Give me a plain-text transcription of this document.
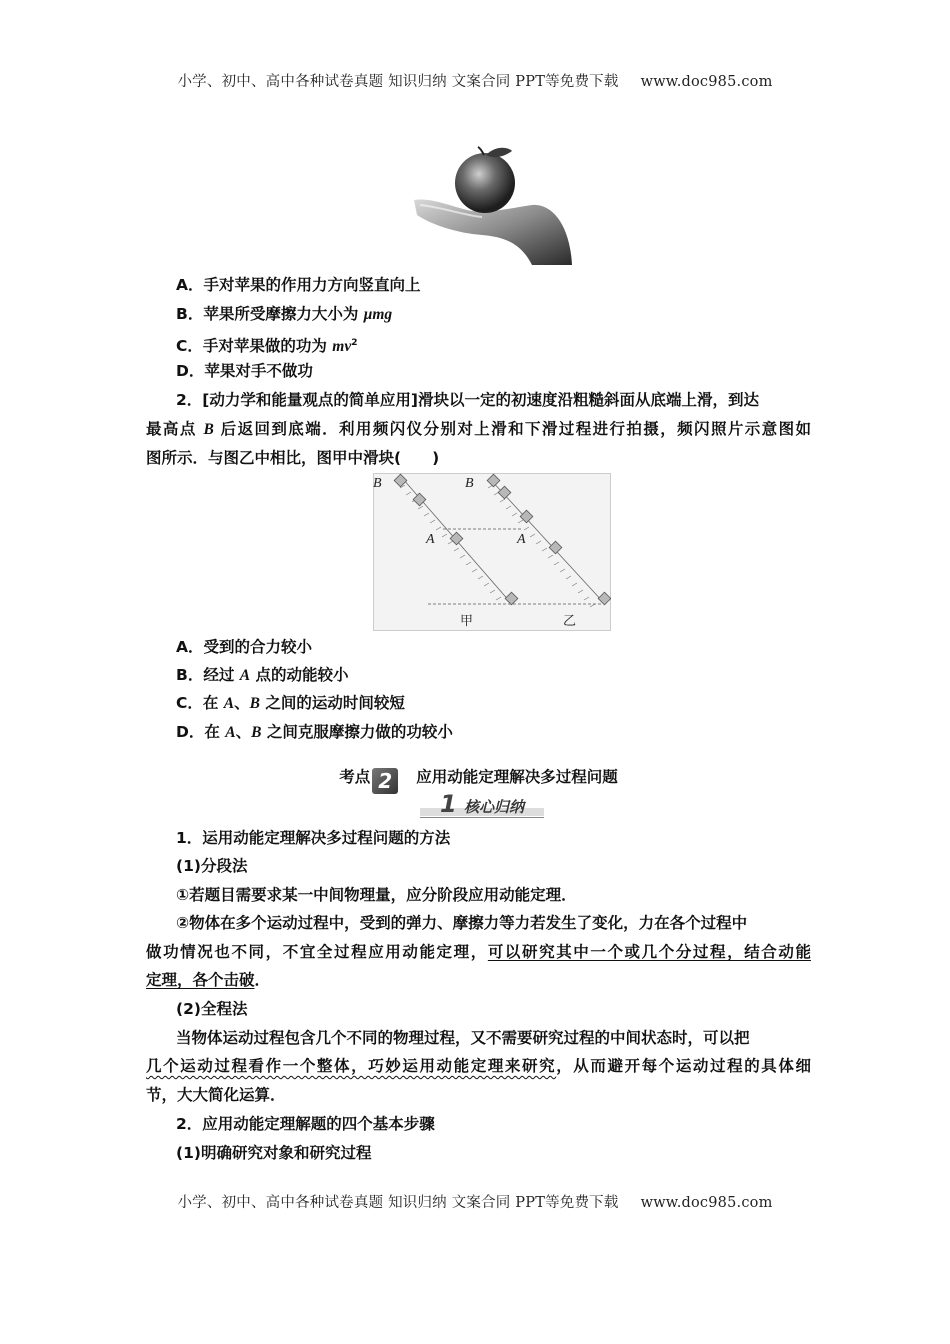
小学、初中、高中各种试卷真题 知识归纳 文案合同 PPT等免费下载 www.doc985.com
A．手对苹果的作用力方向竖直向上
B．苹果所受摩擦力大小为 μmg
C．手对苹果做的功为 $mv^2$
D．苹果对手不做功
2．[动力学和能量观点的简单应用]滑块以一定的初速度沿粗糙斜面从底端上滑，到达
最高点 B 后返回到底端．利用频闪仪分别对上滑和下滑过程进行拍摄，频闪照片示意图如
图所示．与图乙中相比，图甲中滑块(　　)
B	B
A	A
甲	乙
A．受到的合力较小
B．经过 A 点的动能较小
C．在 A、B 之间的运动时间较短
D．在 A、B 之间克服摩擦力做的功较小
考点 2 应用动能定理解决多过程问题
1 核心归纳
1．运用动能定理解决多过程问题的方法
(1)分段法
①若题目需要求某一中间物理量，应分阶段应用动能定理．
②物体在多个运动过程中，受到的弹力、摩擦力等力若发生了变化，力在各个过程中
做功情况也不同，不宜全过程应用动能定理，可以研究其中一个或几个分过程，结合动能
定理，各个击破．
(2)全程法
当物体运动过程包含几个不同的物理过程，又不需要研究过程的中间状态时，可以把
几个运动过程看作一个整体，巧妙运用动能定理来研究，从而避开每个运动过程的具体细
节，大大简化运算．
2．应用动能定理解题的四个基本步骤
(1)明确研究对象和研究过程
小学、初中、高中各种试卷真题 知识归纳 文案合同 PPT等免费下载 www.doc985.com
